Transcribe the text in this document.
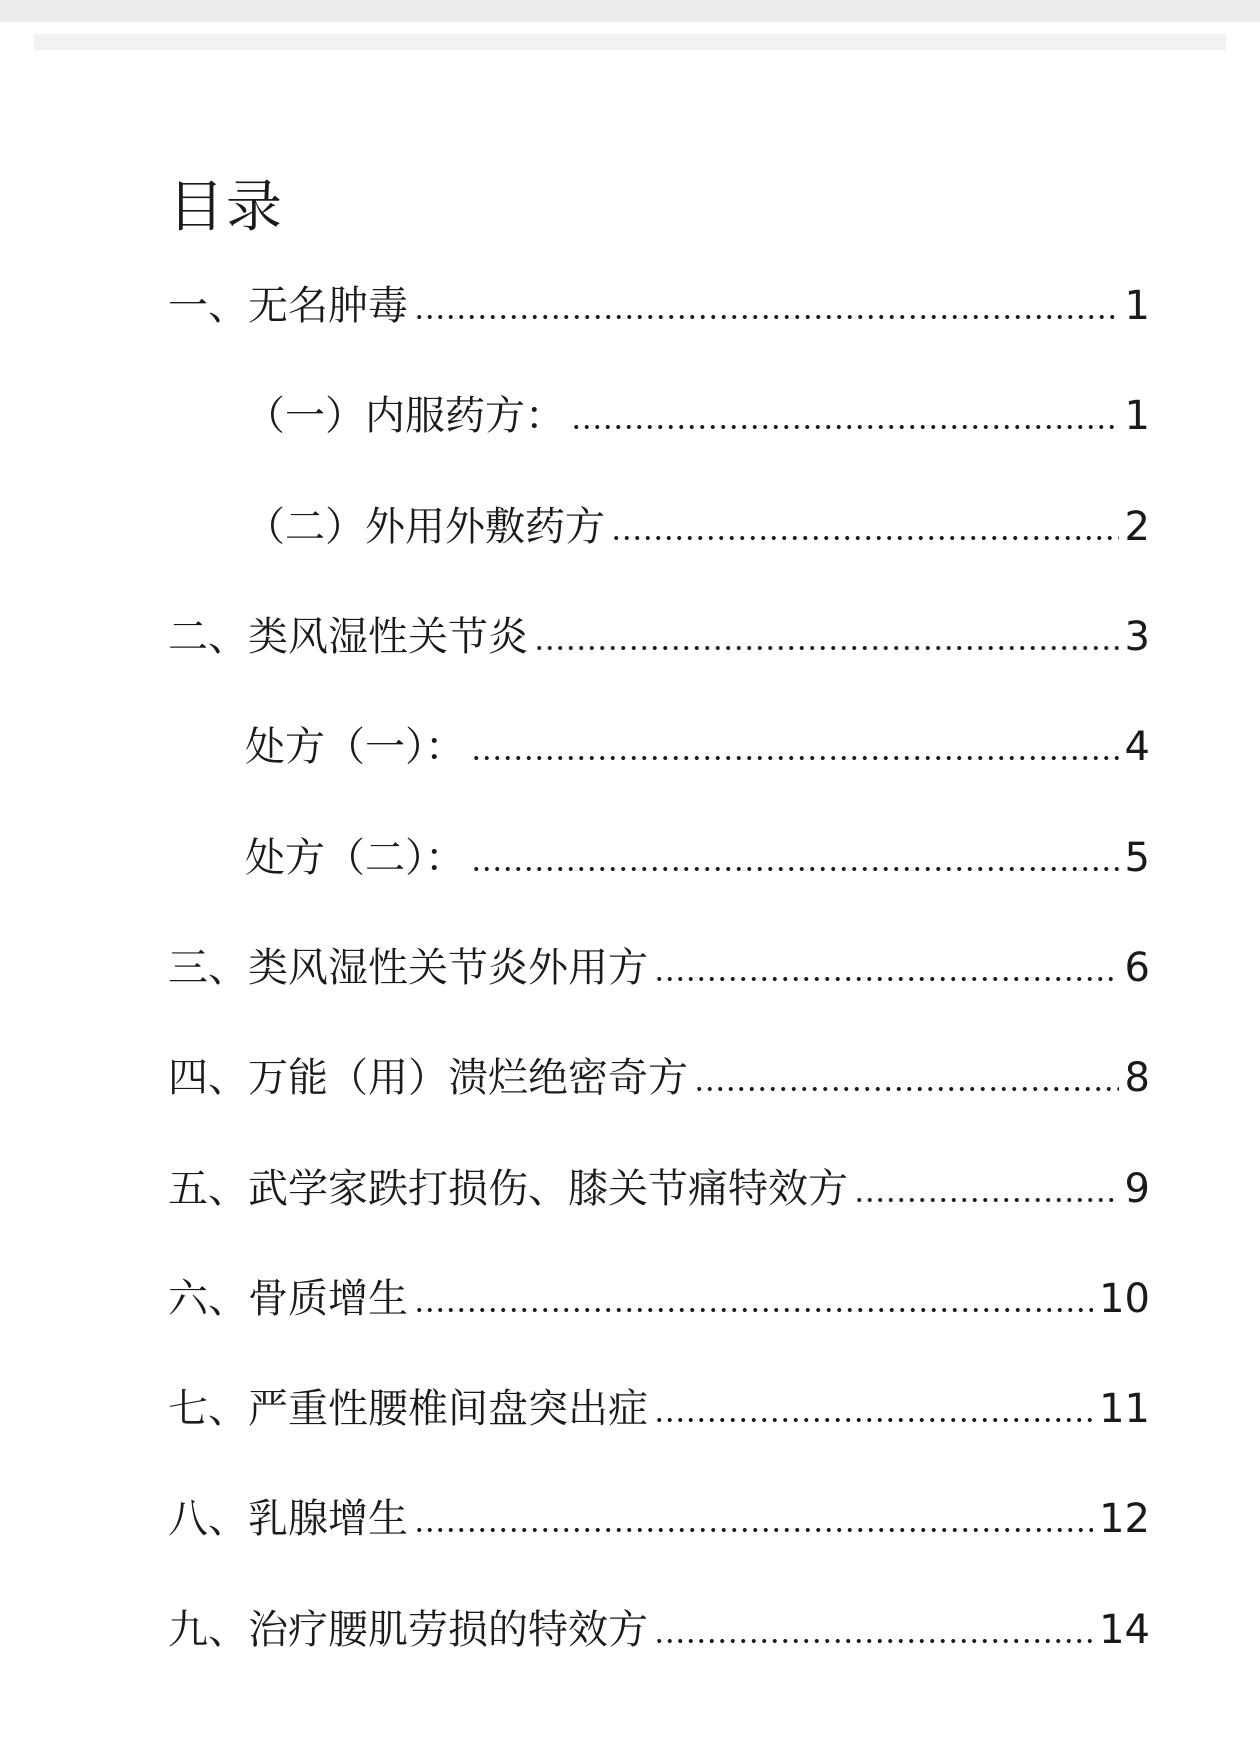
目录
一、无名肿毒	1
（一）内服药方：	1
（二）外用外敷药方	2
二、类风湿性关节炎	3
处方（一）：	4
处方（二）：	5
三、类风湿性关节炎外用方	6
四、万能（用）溃烂绝密奇方	8
五、武学家跌打损伤、膝关节痛特效方	9
六、骨质增生	10
七、严重性腰椎间盘突出症	11
八、乳腺增生	12
九、治疗腰肌劳损的特效方	14
